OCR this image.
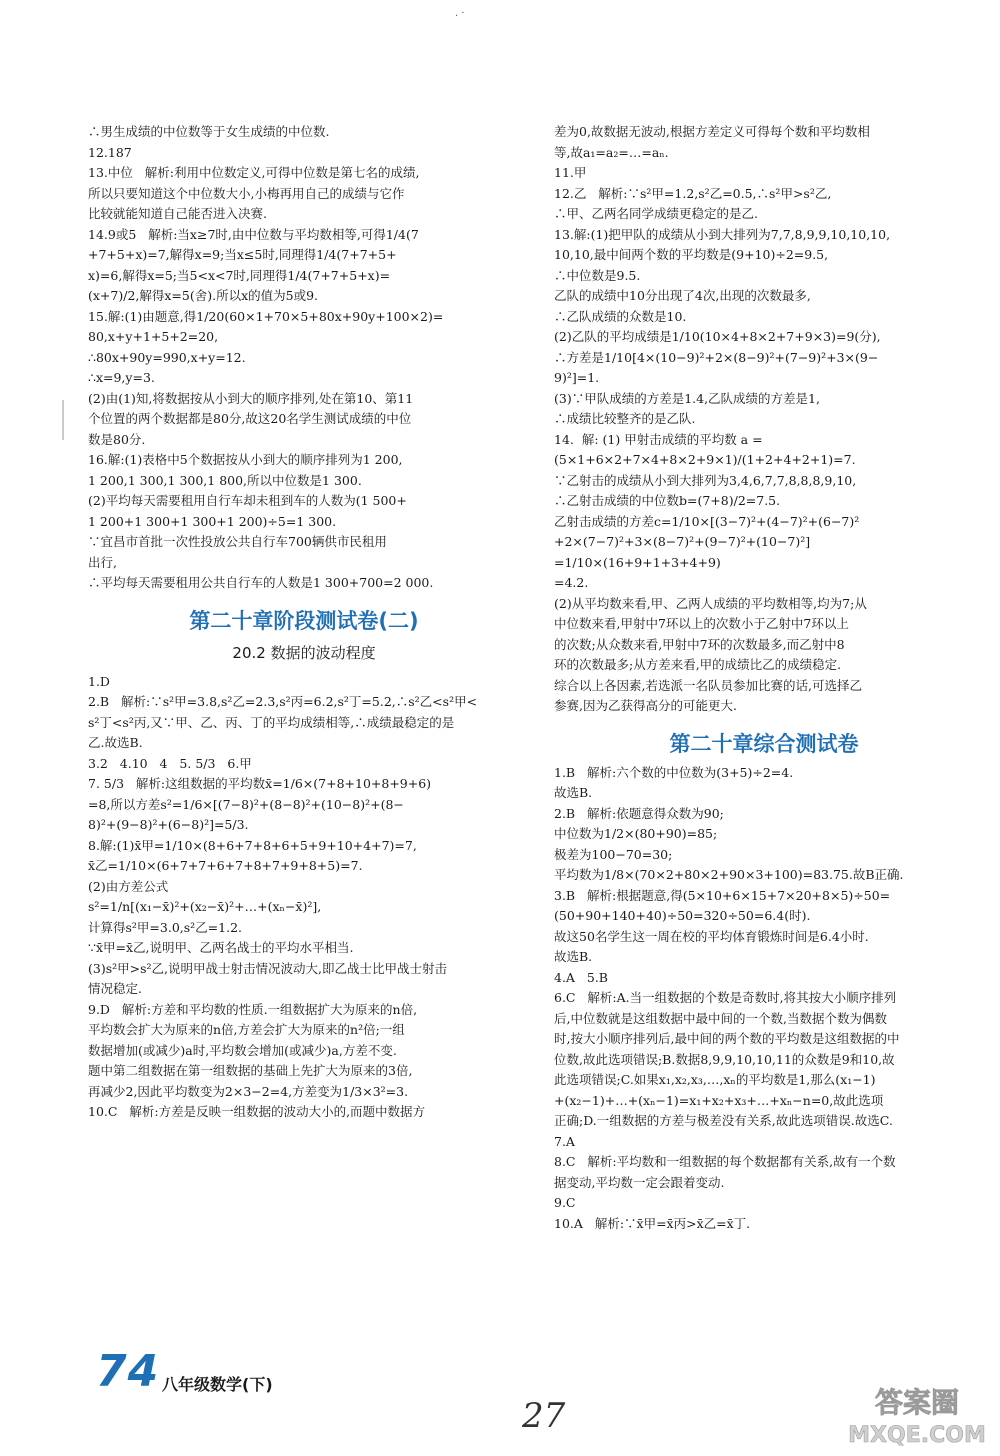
. ·
∴男生成绩的中位数等于女生成绩的中位数.
12.187
13.中位   解析:利用中位数定义,可得中位数是第七名的成绩,
所以只要知道这个中位数大小,小梅再用自己的成绩与它作
比较就能知道自己能否进入决赛.
14.9或5   解析:当x≥7时,由中位数与平均数相等,可得1/4(7
+7+5+x)=7,解得x=9;当x≤5时,同理得1/4(7+7+5+
x)=6,解得x=5;当5<x<7时,同理得1/4(7+7+5+x)=
(x+7)/2,解得x=5(舍).所以x的值为5或9.
15.解:(1)由题意,得1/20(60×1+70×5+80x+90y+100×2)=
80,x+y+1+5+2=20,
∴80x+90y=990,x+y=12.
∴x=9,y=3.
(2)由(1)知,将数据按从小到大的顺序排列,处在第10、第11
个位置的两个数据都是80分,故这20名学生测试成绩的中位
数是80分.
16.解:(1)表格中5个数据按从小到大的顺序排列为1 200,
1 200,1 300,1 300,1 800,所以中位数是1 300.
(2)平均每天需要租用自行车却未租到车的人数为(1 500+
1 200+1 300+1 300+1 200)÷5=1 300.
∵宜昌市首批一次性投放公共自行车700辆供市民租用
出行,
∴平均每天需要租用公共自行车的人数是1 300+700=2 000.
第二十章阶段测试卷(二)
20.2 数据的波动程度
1.D
2.B   解析:∵s²甲=3.8,s²乙=2.3,s²丙=6.2,s²丁=5.2,∴s²乙<s²甲<
s²丁<s²丙,又∵甲、乙、丙、丁的平均成绩相等,∴成绩最稳定的是
乙.故选B.
3.2   4.10   4   5. 5/3   6.甲
7. 5/3   解析:这组数据的平均数x̄=1/6×(7+8+10+8+9+6)
=8,所以方差s²=1/6×[(7−8)²+(8−8)²+(10−8)²+(8−
8)²+(9−8)²+(6−8)²]=5/3.
8.解:(1)x̄甲=1/10×(8+6+7+8+6+5+9+10+4+7)=7,
x̄乙=1/10×(6+7+7+6+7+8+7+9+8+5)=7.
(2)由方差公式
s²=1/n[(x₁−x̄)²+(x₂−x̄)²+…+(xₙ−x̄)²],
计算得s²甲=3.0,s²乙=1.2.
∵x̄甲=x̄乙,说明甲、乙两名战士的平均水平相当.
(3)s²甲>s²乙,说明甲战士射击情况波动大,即乙战士比甲战士射击
情况稳定.
9.D   解析:方差和平均数的性质.一组数据扩大为原来的n倍,
平均数会扩大为原来的n倍,方差会扩大为原来的n²倍;一组
数据增加(或减少)a时,平均数会增加(或减少)a,方差不变.
题中第二组数据在第一组数据的基础上先扩大为原来的3倍,
再减少2,因此平均数变为2×3−2=4,方差变为1/3×3²=3.
10.C   解析:方差是反映一组数据的波动大小的,而题中数据方
差为0,故数据无波动,根据方差定义可得每个数和平均数相
等,故a₁=a₂=…=aₙ.
11.甲
12.乙   解析:∵s²甲=1.2,s²乙=0.5,∴s²甲>s²乙,
∴甲、乙两名同学成绩更稳定的是乙.
13.解:(1)把甲队的成绩从小到大排列为7,7,8,9,9,10,10,10,
10,10,最中间两个数的平均数是(9+10)÷2=9.5,
∴中位数是9.5.
乙队的成绩中10分出现了4次,出现的次数最多,
∴乙队成绩的众数是10.
(2)乙队的平均成绩是1/10(10×4+8×2+7+9×3)=9(分),
∴方差是1/10[4×(10−9)²+2×(8−9)²+(7−9)²+3×(9−
9)²]=1.
(3)∵甲队成绩的方差是1.4,乙队成绩的方差是1,
∴成绩比较整齐的是乙队.
14.  解: (1) 甲射击成绩的平均数 a =
(5×1+6×2+7×4+8×2+9×1)/(1+2+4+2+1)=7.
∵乙射击的成绩从小到大排列为3,4,6,7,7,8,8,8,9,10,
∴乙射击成绩的中位数b=(7+8)/2=7.5.
乙射击成绩的方差c=1/10×[(3−7)²+(4−7)²+(6−7)²
+2×(7−7)²+3×(8−7)²+(9−7)²+(10−7)²]
=1/10×(16+9+1+3+4+9)
=4.2.
(2)从平均数来看,甲、乙两人成绩的平均数相等,均为7;从
中位数来看,甲射中7环以上的次数小于乙射中7环以上
的次数;从众数来看,甲射中7环的次数最多,而乙射中8
环的次数最多;从方差来看,甲的成绩比乙的成绩稳定.
综合以上各因素,若选派一名队员参加比赛的话,可选择乙
参赛,因为乙获得高分的可能更大.
第二十章综合测试卷
1.B   解析:六个数的中位数为(3+5)÷2=4.
故选B.
2.B   解析:依题意得众数为90;
中位数为1/2×(80+90)=85;
极差为100−70=30;
平均数为1/8×(70×2+80×2+90×3+100)=83.75.故B正确.
3.B   解析:根据题意,得(5×10+6×15+7×20+8×5)÷50=
(50+90+140+40)÷50=320÷50=6.4(时).
故这50名学生这一周在校的平均体育锻炼时间是6.4小时.
故选B.
4.A   5.B
6.C   解析:A.当一组数据的个数是奇数时,将其按大小顺序排列
后,中位数就是这组数据中最中间的一个数,当数据个数为偶数
时,按大小顺序排列后,最中间的两个数的平均数是这组数据的中
位数,故此选项错误;B.数据8,9,9,10,10,11的众数是9和10,故
此选项错误;C.如果x₁,x₂,x₃,…,xₙ的平均数是1,那么(x₁−1)
+(x₂−1)+…+(xₙ−1)=x₁+x₂+x₃+…+xₙ−n=0,故此选项
正确;D.一组数据的方差与极差没有关系,故此选项错误.故选C.
7.A
8.C   解析:平均数和一组数据的每个数据都有关系,故有一个数
据变动,平均数一定会跟着变动.
9.C
10.A   解析:∵x̄甲=x̄丙>x̄乙=x̄丁.
74 八年级数学(下)
27	答案圈
MXQE.COM
